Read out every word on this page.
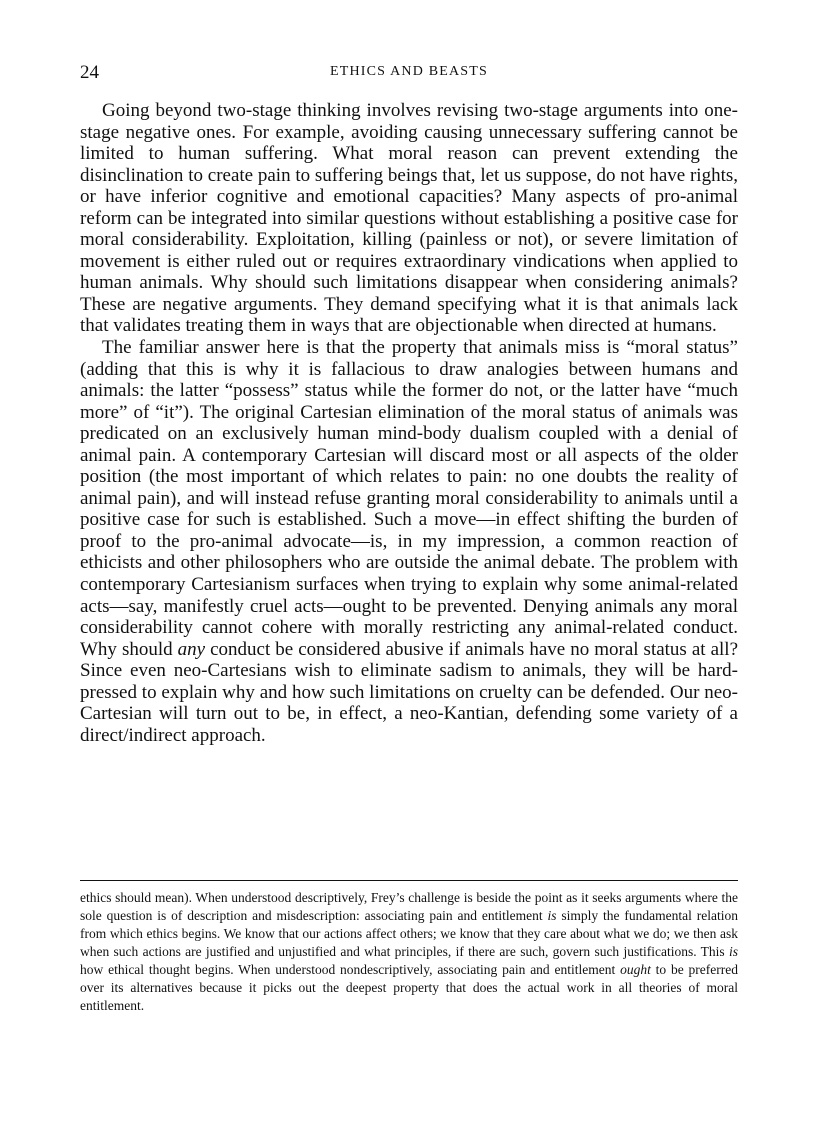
24	ETHICS AND BEASTS

Going beyond two-stage thinking involves revising two-stage arguments into one-stage negative ones. For example, avoiding causing unnecessary suffering cannot be limited to human suffering. What moral reason can prevent extending the disinclination to create pain to suffering beings that, let us suppose, do not have rights, or have inferior cognitive and emotional capacities? Many aspects of pro-animal reform can be integrated into similar questions without establishing a positive case for moral considerability. Exploitation, killing (painless or not), or severe limitation of movement is either ruled out or requires extraordinary vindications when applied to human animals. Why should such limitations disappear when considering animals? These are negative arguments. They demand specifying what it is that animals lack that validates treating them in ways that are objectionable when directed at humans.

The familiar answer here is that the property that animals miss is “moral status” (adding that this is why it is fallacious to draw analogies between humans and animals: the latter “possess” status while the former do not, or the latter have “much more” of “it”). The original Cartesian elimination of the moral status of animals was predicated on an exclusively human mind-body dualism coupled with a denial of animal pain. A contemporary Cartesian will discard most or all aspects of the older position (the most important of which relates to pain: no one doubts the reality of animal pain), and will instead refuse granting moral considerability to animals until a positive case for such is established. Such a move—in effect shifting the burden of proof to the pro-animal advocate—is, in my impression, a common reaction of ethicists and other philosophers who are outside the animal debate. The problem with contemporary Cartesianism surfaces when trying to explain why some animal-related acts—say, manifestly cruel acts—ought to be prevented. Denying animals any moral considerability cannot cohere with morally restricting any animal-related conduct. Why should any conduct be considered abusive if animals have no moral status at all? Since even neo-Cartesians wish to eliminate sadism to animals, they will be hard-pressed to explain why and how such limitations on cruelty can be defended. Our neo-Cartesian will turn out to be, in effect, a neo-Kantian, defending some variety of a direct/indirect approach.

ethics should mean). When understood descriptively, Frey’s challenge is beside the point as it seeks arguments where the sole question is of description and misdescription: associating pain and entitlement is simply the fundamental relation from which ethics begins. We know that our actions affect others; we know that they care about what we do; we then ask when such actions are justified and unjustified and what principles, if there are such, govern such justifications. This is how ethical thought begins. When understood nondescriptively, associating pain and entitlement ought to be preferred over its alternatives because it picks out the deepest property that does the actual work in all theories of moral entitlement.
